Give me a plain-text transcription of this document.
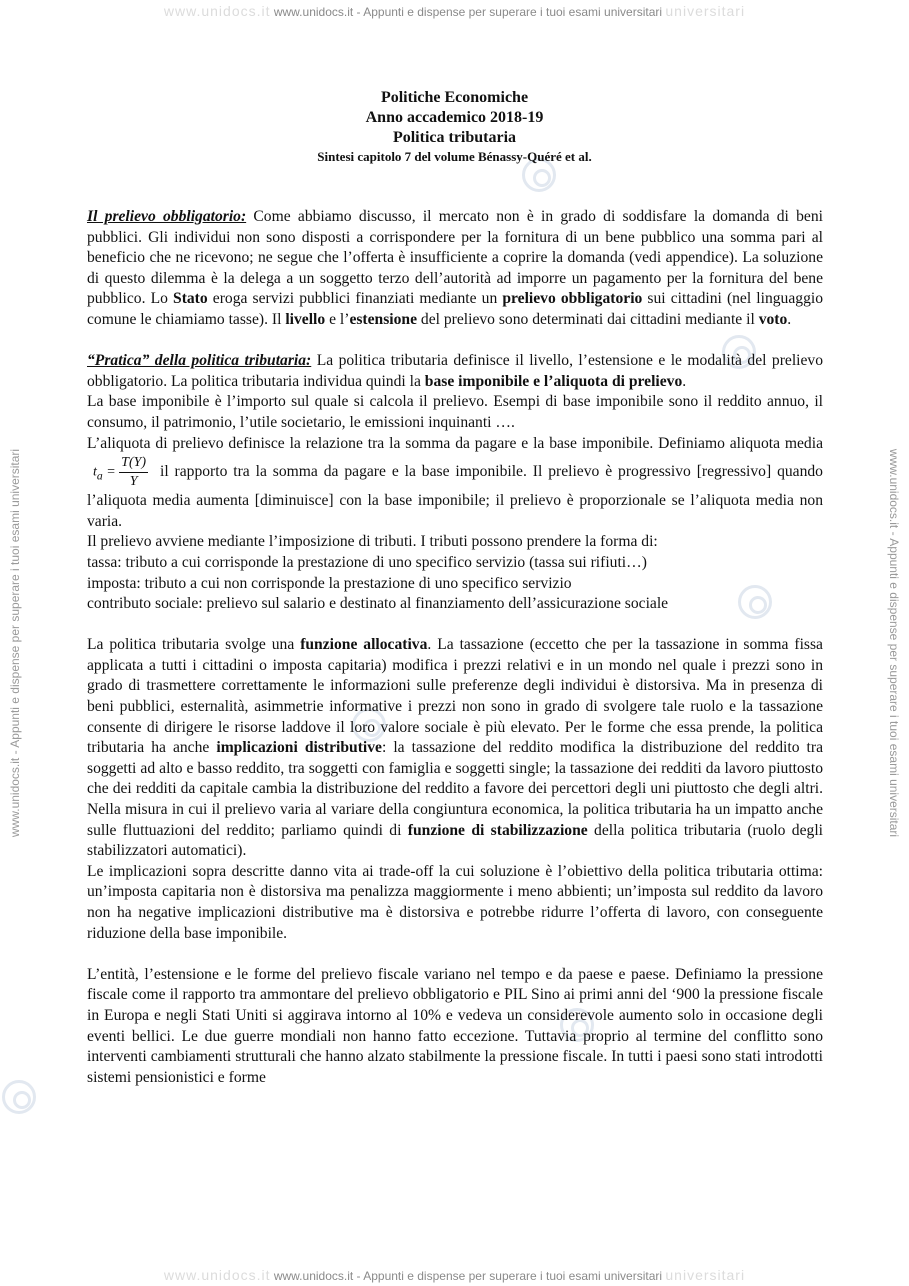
www.unidocs.it www.unidocs.it - Appunti e dispense per superare i tuoi esami universitari universitari
www.unidocs.it - Appunti e dispense per superare i tuoi esami universitari	www.unidocs.it - Appunti e dispense per superare i tuoi esami universitari
Politiche Economiche
Anno accademico 2018-19
Politica tributaria
Sintesi capitolo 7 del volume Bénassy-Quéré et al.

Il prelievo obbligatorio: Come abbiamo discusso, il mercato non è in grado di soddisfare la domanda di beni pubblici. Gli individui non sono disposti a corrispondere per la fornitura di un bene pubblico una somma pari al beneficio che ne ricevono; ne segue che l’offerta è insufficiente a coprire la domanda (vedi appendice). La soluzione di questo dilemma è la delega a un soggetto terzo dell’autorità ad imporre un pagamento per la fornitura del bene pubblico. Lo Stato eroga servizi pubblici finanziati mediante un prelievo obbligatorio sui cittadini (nel linguaggio comune le chiamiamo tasse). Il livello e l’estensione del prelievo sono determinati dai cittadini mediante il voto.

“Pratica” della politica tributaria: La politica tributaria definisce il livello, l’estensione e le modalità del prelievo obbligatorio. La politica tributaria individua quindi la base imponibile e l’aliquota di prelievo.

La base imponibile è l’importo sul quale si calcola il prelievo. Esempi di base imponibile sono il reddito annuo, il consumo, il patrimonio, l’utile societario, le emissioni inquinanti ….

L’aliquota di prelievo definisce la relazione tra la somma da pagare e la base imponibile. Definiamo aliquota media $t_a = \frac{T(Y)}{Y}$ il rapporto tra la somma da pagare e la base imponibile. Il prelievo è progressivo [regressivo] quando l’aliquota media aumenta [diminuisce] con la base imponibile; il prelievo è proporzionale se l’aliquota media non varia.

Il prelievo avviene mediante l’imposizione di tributi. I tributi possono prendere la forma di:

tassa: tributo a cui corrisponde la prestazione di uno specifico servizio (tassa sui rifiuti…)

imposta: tributo a cui non corrisponde la prestazione di uno specifico servizio

contributo sociale: prelievo sul salario e destinato al finanziamento dell’assicurazione sociale

La politica tributaria svolge una funzione allocativa. La tassazione (eccetto che per la tassazione in somma fissa applicata a tutti i cittadini o imposta capitaria) modifica i prezzi relativi e in un mondo nel quale i prezzi sono in grado di trasmettere correttamente le informazioni sulle preferenze degli individui è distorsiva. Ma in presenza di beni pubblici, esternalità, asimmetrie informative i prezzi non sono in grado di svolgere tale ruolo e la tassazione consente di dirigere le risorse laddove il loro valore sociale è più elevato. Per le forme che essa prende, la politica tributaria ha anche implicazioni distributive: la tassazione del reddito modifica la distribuzione del reddito tra soggetti ad alto e basso reddito, tra soggetti con famiglia e soggetti single; la tassazione dei redditi da lavoro piuttosto che dei redditi da capitale cambia la distribuzione del reddito a favore dei percettori degli uni piuttosto che degli altri. Nella misura in cui il prelievo varia al variare della congiuntura economica, la politica tributaria ha un impatto anche sulle fluttuazioni del reddito; parliamo quindi di funzione di stabilizzazione della politica tributaria (ruolo degli stabilizzatori automatici).

Le implicazioni sopra descritte danno vita ai trade-off la cui soluzione è l’obiettivo della politica tributaria ottima: un’imposta capitaria non è distorsiva ma penalizza maggiormente i meno abbienti; un’imposta sul reddito da lavoro non ha negative implicazioni distributive ma è distorsiva e potrebbe ridurre l’offerta di lavoro, con conseguente riduzione della base imponibile.

L’entità, l’estensione e le forme del prelievo fiscale variano nel tempo e da paese e paese. Definiamo la pressione fiscale come il rapporto tra ammontare del prelievo obbligatorio e PIL Sino ai primi anni del ‘900 la pressione fiscale in Europa e negli Stati Uniti si aggirava intorno al 10% e vedeva un considerevole aumento solo in occasione degli eventi bellici. Le due guerre mondiali non hanno fatto eccezione. Tuttavia proprio al termine del conflitto sono interventi cambiamenti strutturali che hanno alzato stabilmente la pressione fiscale. In tutti i paesi sono stati introdotti sistemi pensionistici e forme

www.unidocs.it www.unidocs.it - Appunti e dispense per superare i tuoi esami universitari universitari
